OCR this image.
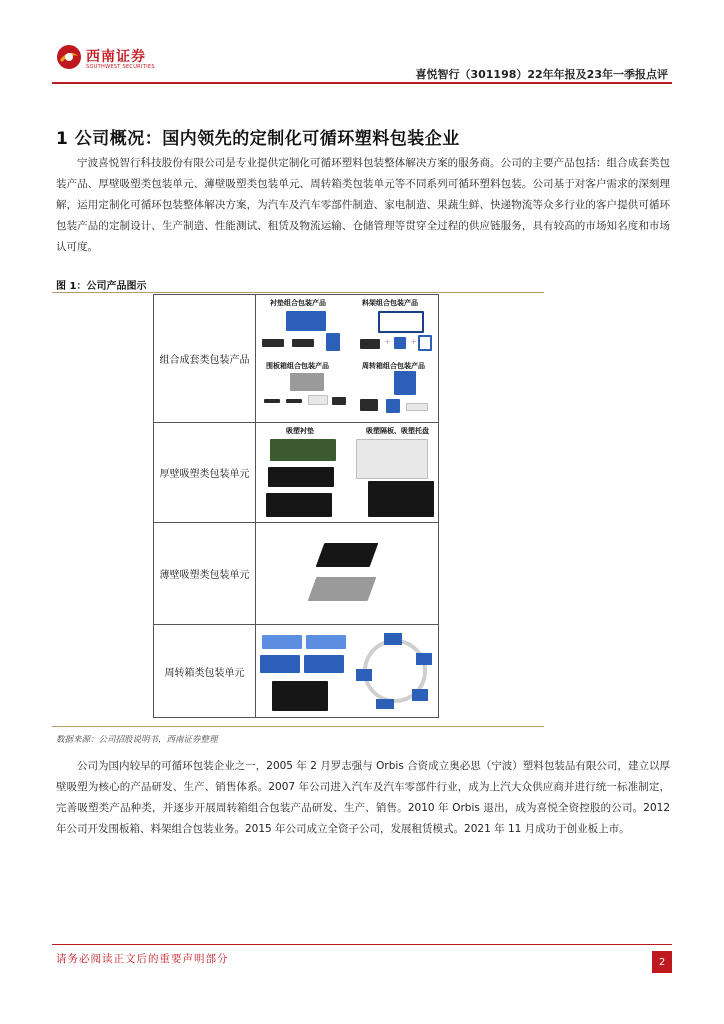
西南证券
SOUTHWEST SECURITIES
喜悦智行（301198）22年年报及23年一季报点评
1 公司概况：国内领先的定制化可循环塑料包装企业
宁波喜悦智行科技股份有限公司是专业提供定制化可循环塑料包装整体解决方案的服务商。公司的主要产品包括：组合成套类包装产品、厚壁吸塑类包装单元、薄壁吸塑类包装单元、周转箱类包装单元等不同系列可循环塑料包装。公司基于对客户需求的深刻理解，运用定制化可循环包装整体解决方案，为汽车及汽车零部件制造、家电制造、果蔬生鲜、快递物流等众多行业的客户提供可循环包装产品的定制设计、生产制造、性能测试、租赁及物流运输、仓储管理等贯穿全过程的供应链服务，具有较高的市场知名度和市场认可度。
图 1：公司产品图示
组合成套类包装产品
衬垫组合包装产品	料架组合包装产品
+ +
围板箱组合包装产品	周转箱组合包装产品
厚壁吸塑类包装单元
吸塑衬垫	吸塑隔板、吸塑托盘
薄壁吸塑类包装单元
周转箱类包装单元
数据来源：公司招股说明书，西南证券整理
公司为国内较早的可循环包装企业之一，2005 年 2 月罗志强与 Orbis 合资成立奥必思（宁波）塑料包装品有限公司，建立以厚壁吸塑为核心的产品研发、生产、销售体系。2007 年公司进入汽车及汽车零部件行业，成为上汽大众供应商并进行统一标准制定，完善吸塑类产品种类，并逐步开展周转箱组合包装产品研发、生产、销售。2010 年 Orbis 退出，成为喜悦全资控股的公司。2012 年公司开发围板箱、料架组合包装业务。2015 年公司成立全资子公司，发展租赁模式。2021 年 11 月成功于创业板上市。
请务必阅读正文后的重要声明部分	2
